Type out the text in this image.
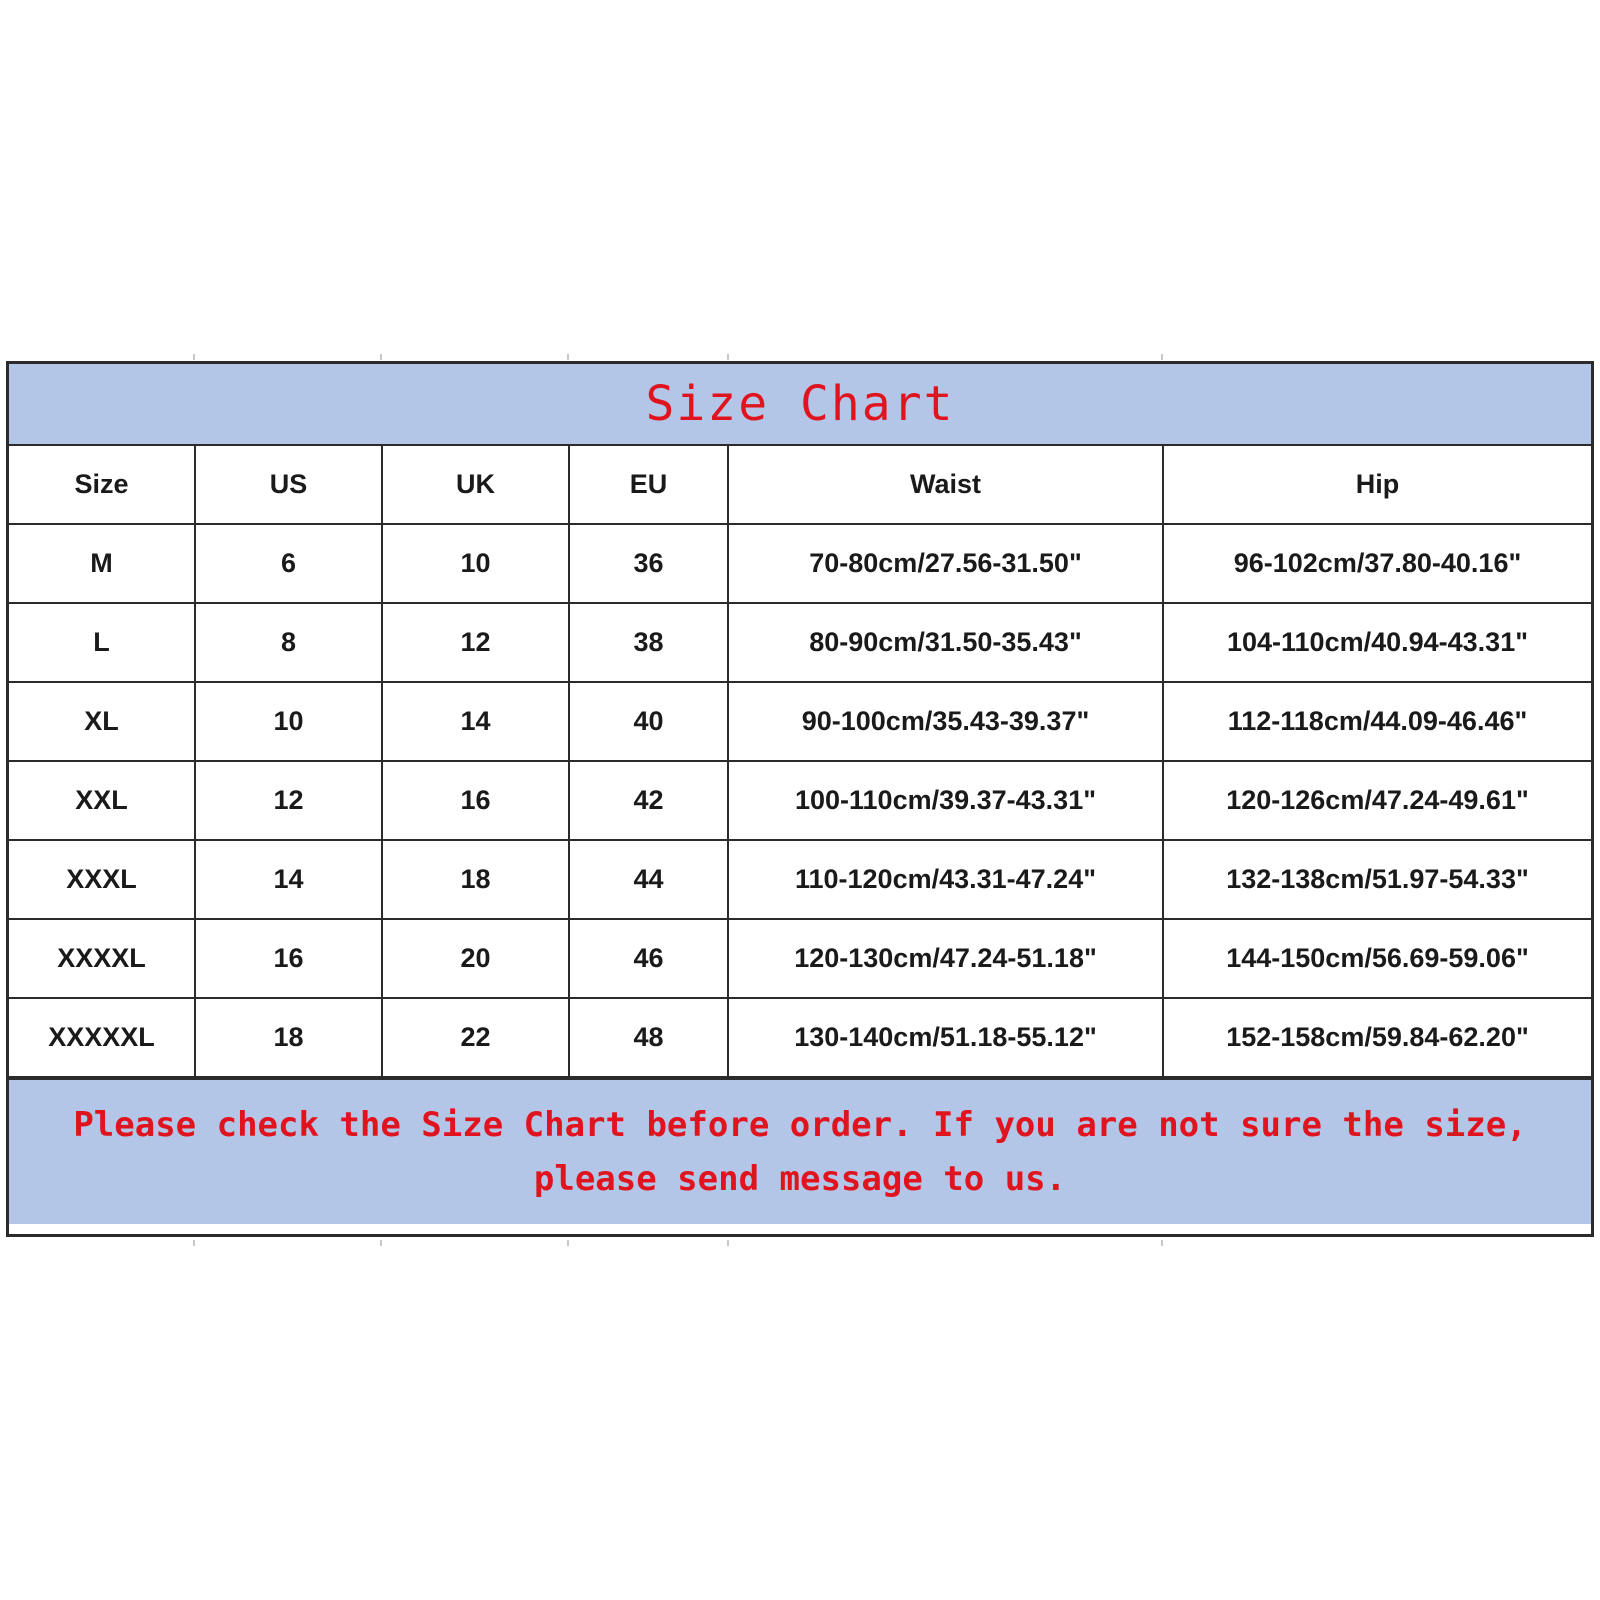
Size Chart
Size	US	UK	EU	Waist	Hip
M	6	10	36	70-80cm/27.56-31.50"	96-102cm/37.80-40.16"
L	8	12	38	80-90cm/31.50-35.43"	104-110cm/40.94-43.31"
XL	10	14	40	90-100cm/35.43-39.37"	112-118cm/44.09-46.46"
XXL	12	16	42	100-110cm/39.37-43.31"	120-126cm/47.24-49.61"
XXXL	14	18	44	110-120cm/43.31-47.24"	132-138cm/51.97-54.33"
XXXXL	16	20	46	120-130cm/47.24-51.18"	144-150cm/56.69-59.06"
XXXXXL	18	22	48	130-140cm/51.18-55.12"	152-158cm/59.84-62.20"
Please check the Size Chart before order. If you are not sure the size, please send message to us.
